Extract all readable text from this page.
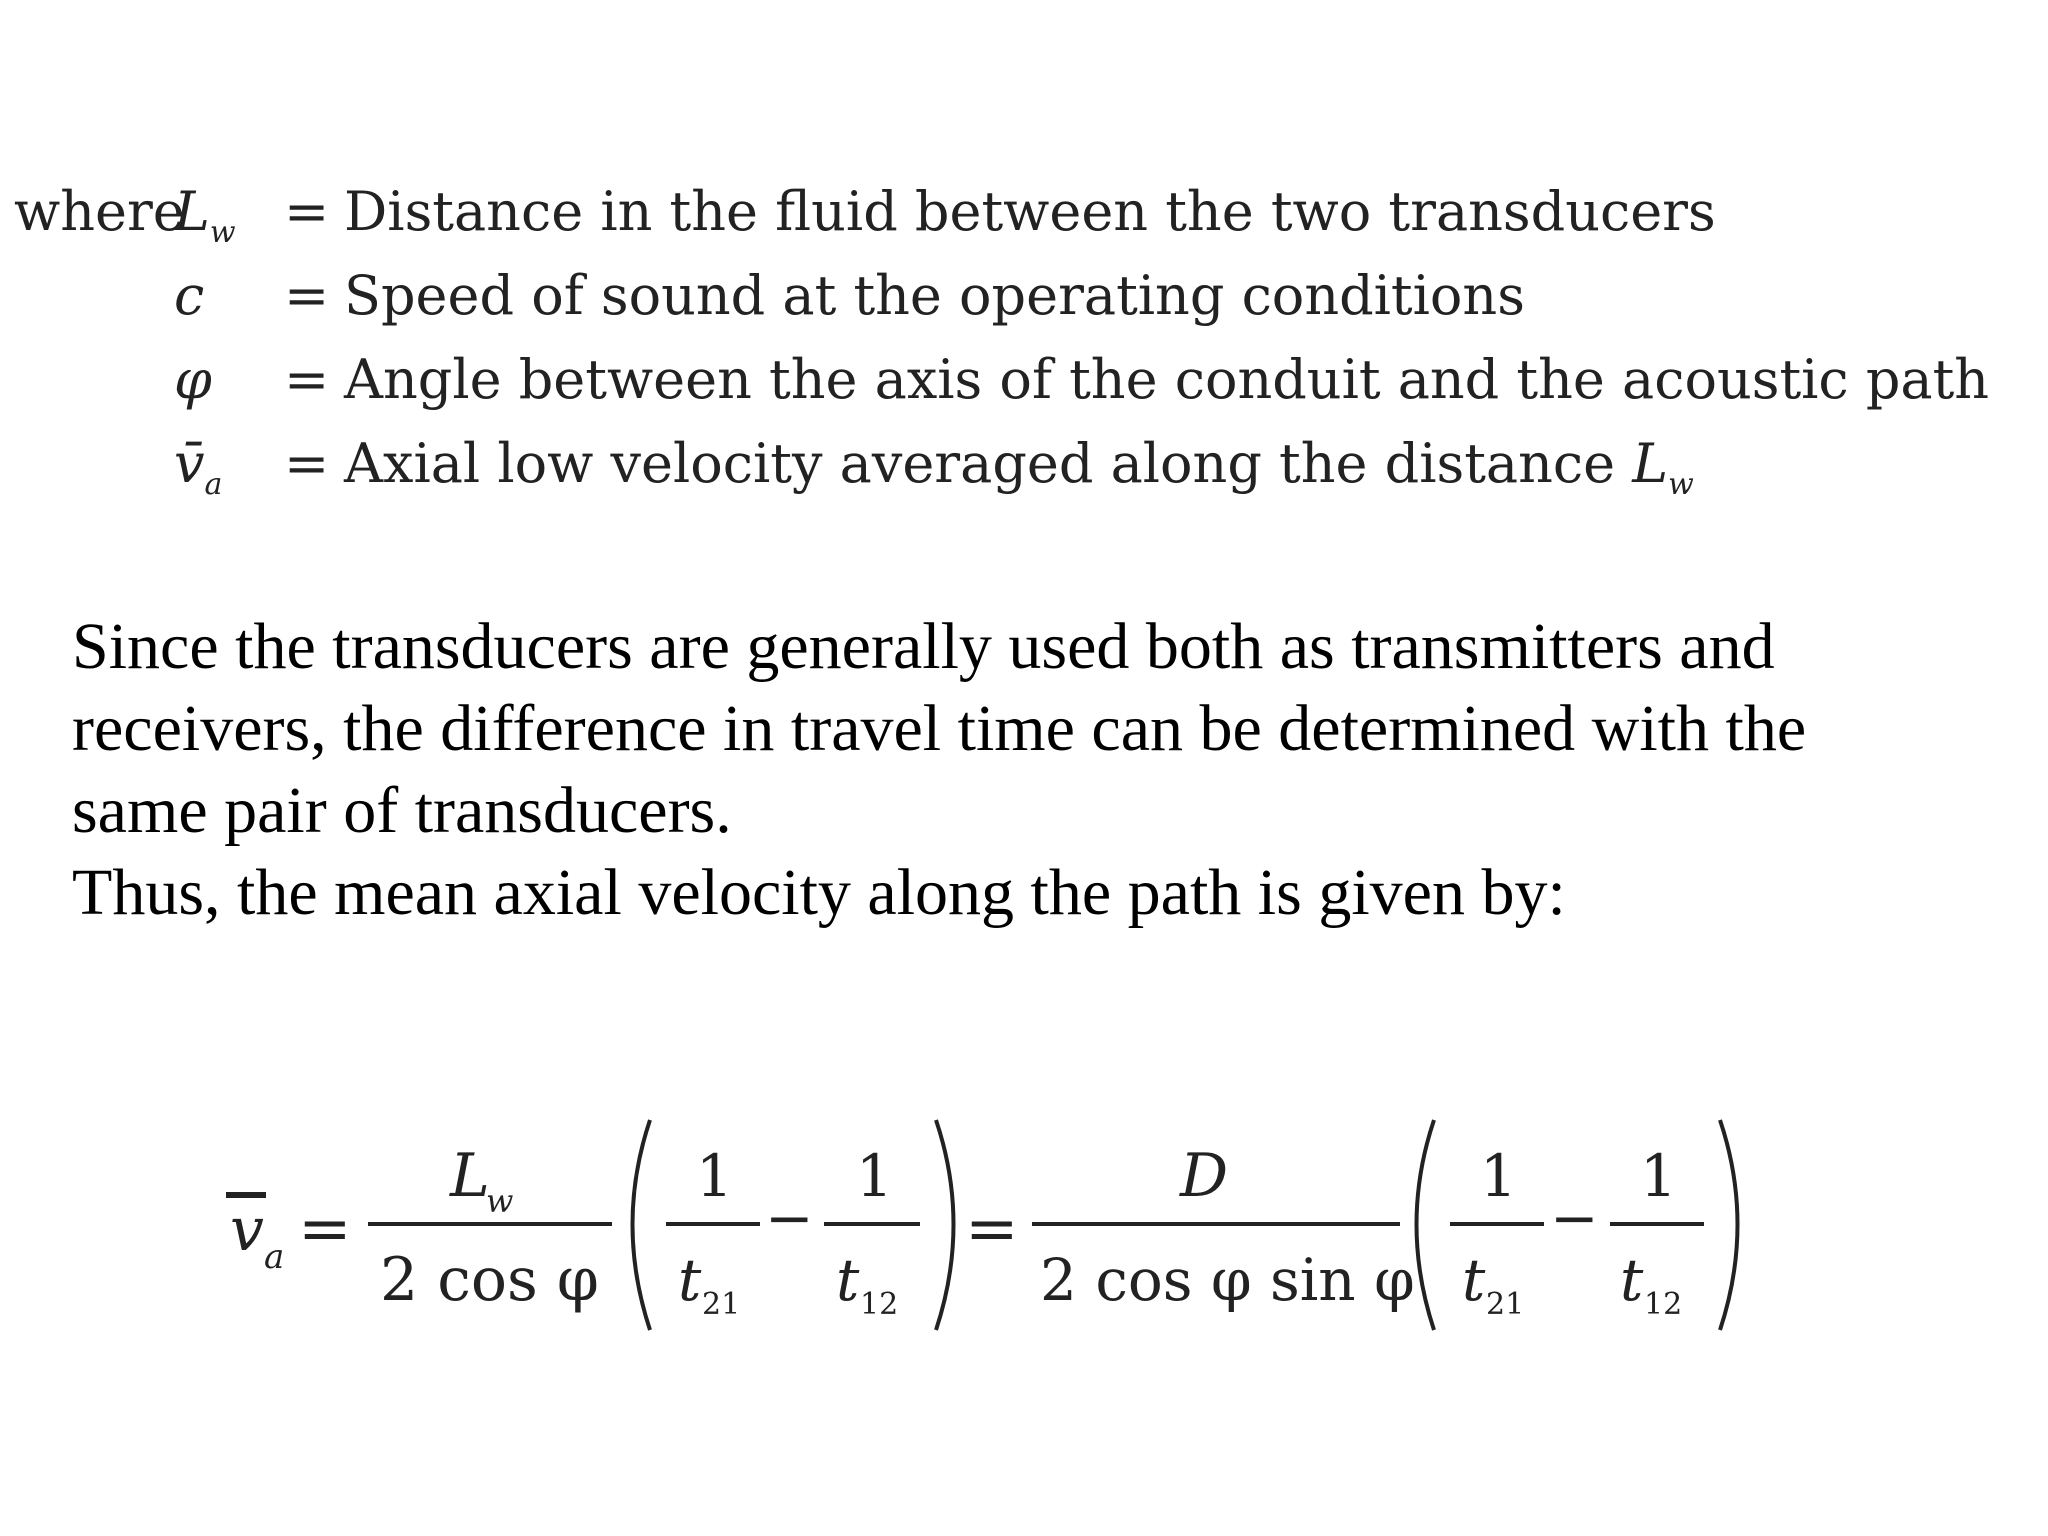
where
$L_w$ = Distance in the fluid between the two transducers
c	= Speed of sound at the operating conditions
φ	= Angle between the axis of the conduit and the acoustic path
$v̄_a$	= Axial low velocity averaged along the distance $L_w$

Since the transducers are generally used both as transmitters and

receivers, the difference in travel time can be determined with the

same pair of transducers.

Thus, the mean axial velocity along the path is given by:

v a =
L
w
2 cos φ
1
t 21
−
1
t 12
=
D
2 cos φ sin φ
1
t 21
−
1
t 12
